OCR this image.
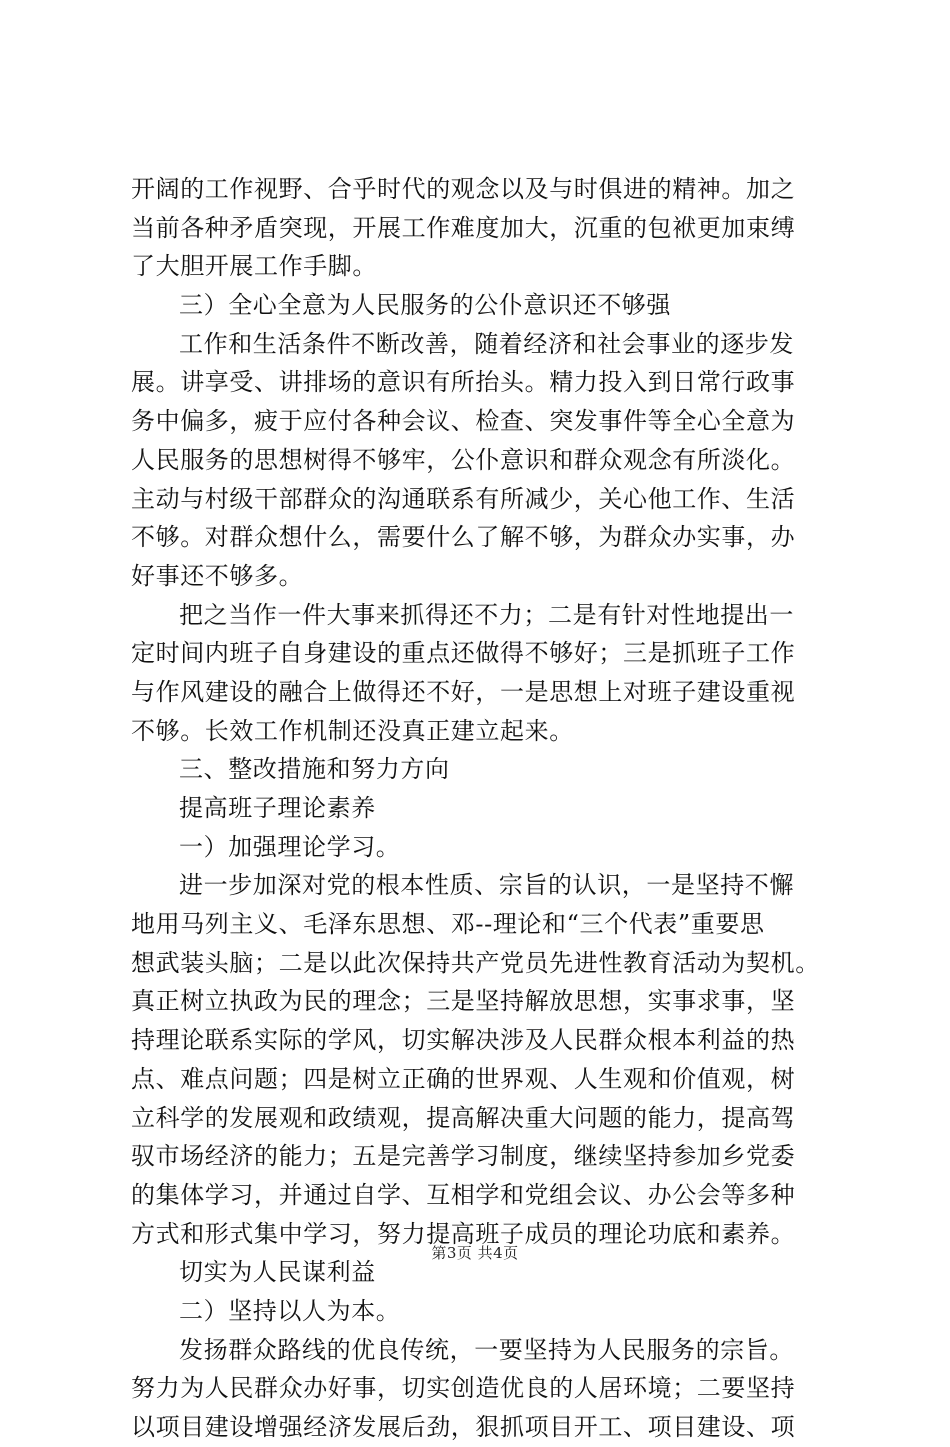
开阔的工作视野、合乎时代的观念以及与时俱进的精神。加之
当前各种矛盾突现，开展工作难度加大，沉重的包袱更加束缚
了大胆开展工作手脚。
三）全心全意为人民服务的公仆意识还不够强
工作和生活条件不断改善，随着经济和社会事业的逐步发
展。讲享受、讲排场的意识有所抬头。精力投入到日常行政事
务中偏多，疲于应付各种会议、检查、突发事件等全心全意为
人民服务的思想树得不够牢，公仆意识和群众观念有所淡化。
主动与村级干部群众的沟通联系有所减少，关心他工作、生活
不够。对群众想什么，需要什么了解不够，为群众办实事，办
好事还不够多。
把之当作一件大事来抓得还不力；二是有针对性地提出一
定时间内班子自身建设的重点还做得不够好；三是抓班子工作
与作风建设的融合上做得还不好，一是思想上对班子建设重视
不够。长效工作机制还没真正建立起来。
三、整改措施和努力方向
提高班子理论素养
一）加强理论学习。
进一步加深对党的根本性质、宗旨的认识，一是坚持不懈
地用马列主义、毛泽东思想、邓--理论和“三个代表”重要思
想武装头脑；二是以此次保持共产党员先进性教育活动为契机。
真正树立执政为民的理念；三是坚持解放思想，实事求事，坚
持理论联系实际的学风，切实解决涉及人民群众根本利益的热
点、难点问题；四是树立正确的世界观、人生观和价值观，树
立科学的发展观和政绩观，提高解决重大问题的能力，提高驾
驭市场经济的能力；五是完善学习制度，继续坚持参加乡党委
的集体学习，并通过自学、互相学和党组会议、办公会等多种
方式和形式集中学习，努力提高班子成员的理论功底和素养。
切实为人民谋利益
二）坚持以人为本。
发扬群众路线的优良传统，一要坚持为人民服务的宗旨。
努力为人民群众办好事，切实创造优良的人居环境；二要坚持
以项目建设增强经济发展后劲，狠抓项目开工、项目建设、项
第3页 共4页
